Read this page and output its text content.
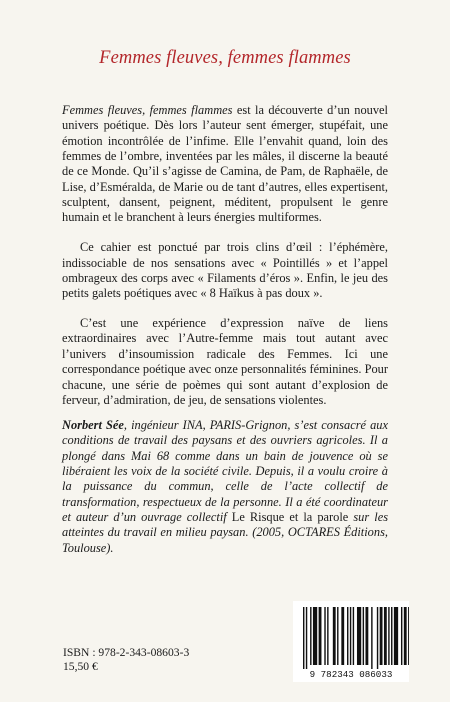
Femmes fleuves, femmes flammes

Femmes fleuves, femmes flammes est la découverte d’un nouvel univers poétique. Dès lors l’auteur sent émerger, stupéfait, une émotion incontrôlée de l’infime. Elle l’envahit quand, loin des femmes de l’ombre, inventées par les mâles, il discerne la beauté de ce Monde. Qu’il s’agisse de Camina, de Pam, de Raphaële, de Lise, d’Esméralda, de Marie ou de tant d’autres, elles expertisent, sculptent, dansent, peignent, méditent, propulsent le genre humain et le branchent à leurs énergies multiformes.

Ce cahier est ponctué par trois clins d’œil : l’éphémère, indissociable de nos sensations avec « Pointillés » et l’appel ombrageux des corps avec « Filaments d’éros ». Enfin, le jeu des petits galets poétiques avec « 8 Haïkus à pas doux ».

C’est une expérience d’expression naïve de liens extraordinaires avec l’Autre-femme mais tout autant avec l’univers d’insoumission radicale des Femmes. Ici une correspondance poétique avec onze personnalités féminines. Pour chacune, une série de poèmes qui sont autant d’explosion de ferveur, d’admiration, de jeu, de sensations violentes.

Norbert Sée, ingénieur INA, PARIS-Grignon, s’est consacré aux conditions de travail des paysans et des ouvriers agricoles. Il a plongé dans Mai 68 comme dans un bain de jouvence où se libéraient les voix de la société civile. Depuis, il a voulu croire à la puissance du commun, celle de l’acte collectif de transformation, respectueux de la personne. Il a été coordinateur et auteur d’un ouvrage collectif Le Risque et la parole sur les atteintes du travail en milieu paysan. (2005, OCTARES Éditions, Toulouse).

ISBN : 978-2-343-08603-3
15,50 €
9 782343 086033
